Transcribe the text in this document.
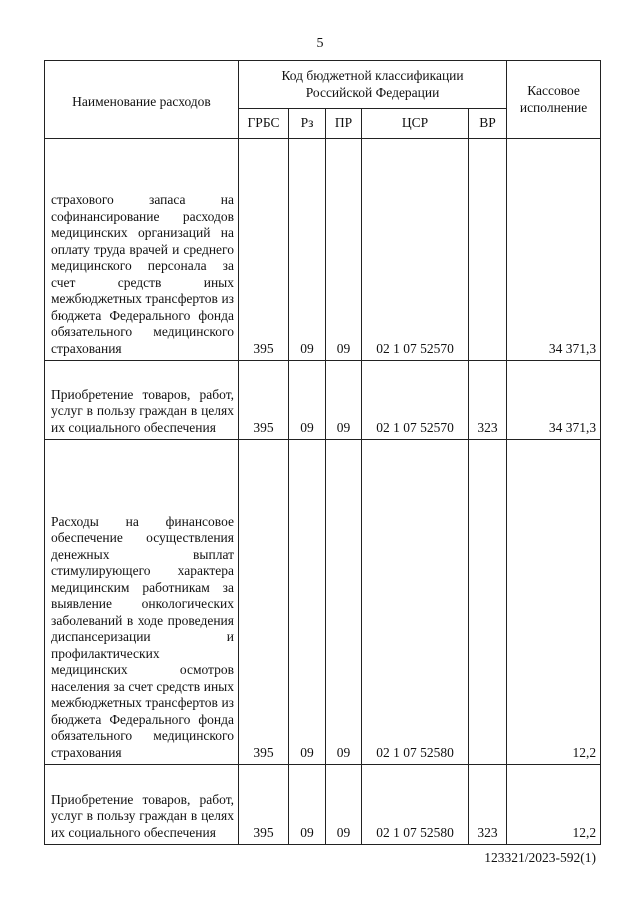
5
Наименование расходов	Код бюджетной классификации Российской Федерации					Кассовое исполнение
	ГРБС	Рз	ПР	ЦСР	ВР	
страхового запаса на софинансирование расходов медицинских организаций на оплату труда врачей и среднего медицинского персонала за счет средств иных межбюджетных трансфертов из бюджета Федерального фонда обязательного медицинского страхования	395	09	09	02 1 07 52570		34 371,3
Приобретение товаров, работ, услуг в пользу граждан в целях их социального обеспечения	395	09	09	02 1 07 52570	323	34 371,3
Расходы на финансовое обеспечение осуществления денежных выплат стимулирующего характера медицинским работникам за выявление онкологических заболеваний в ходе проведения диспансеризации и профилактических медицинских осмотров населения за счет средств иных межбюджетных трансфертов из бюджета Федерального фонда обязательного медицинского страхования	395	09	09	02 1 07 52580		12,2
Приобретение товаров, работ, услуг в пользу граждан в целях их социального обеспечения	395	09	09	02 1 07 52580	323	12,2
123321/2023-592(1)
